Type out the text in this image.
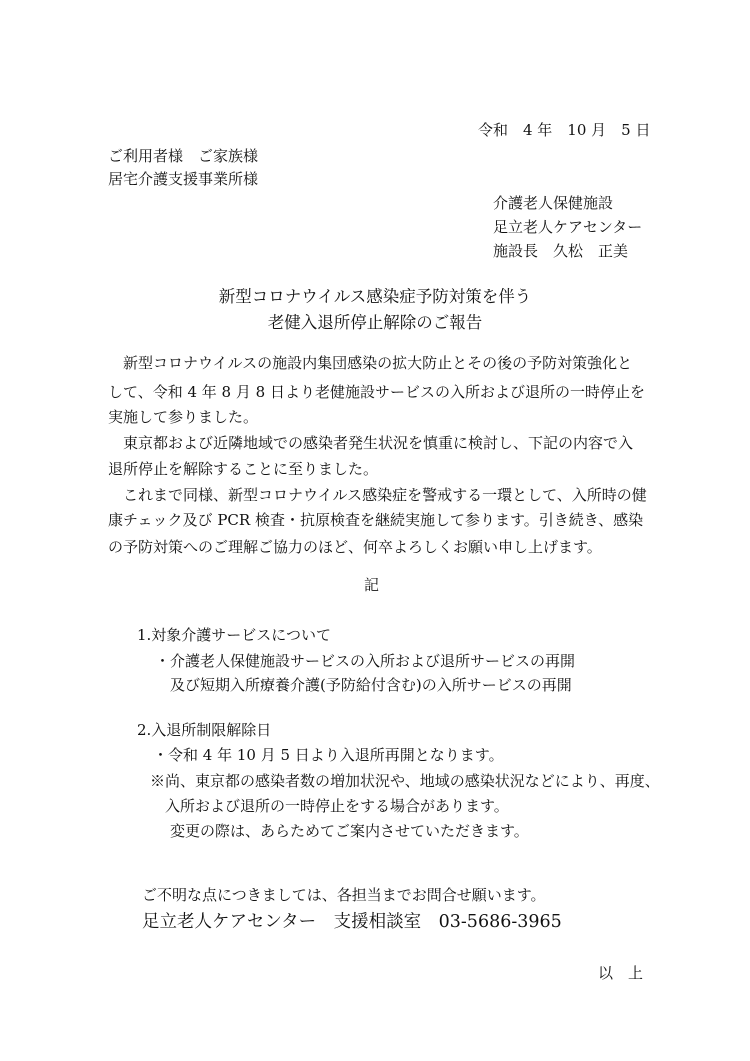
令和　4 年　10 月　5 日
ご利用者様　ご家族様
居宅介護支援事業所様
介護老人保健施設
足立老人ケアセンター
施設長　久松　正美
新型コロナウイルス感染症予防対策を伴う
老健入退所停止解除のご報告
新型コロナウイルスの施設内集団感染の拡大防止とその後の予防対策強化と
して、令和 4 年 8 月 8 日より老健施設サービスの入所および退所の一時停止を
実施して参りました。
東京都および近隣地域での感染者発生状況を慎重に検討し、下記の内容で入
退所停止を解除することに至りました。
これまで同様、新型コロナウイルス感染症を警戒する一環として、入所時の健
康チェック及び PCR 検査・抗原検査を継続実施して参ります。引き続き、感染
の予防対策へのご理解ご協力のほど、何卒よろしくお願い申し上げます。
記
1.対象介護サービスについて
・介護老人保健施設サービスの入所および退所サービスの再開
及び短期入所療養介護(予防給付含む)の入所サービスの再開
2.入退所制限解除日
・令和 4 年 10 月 5 日より入退所再開となります。
※尚、東京都の感染者数の増加状況や、地域の感染状況などにより、再度、
入所および退所の一時停止をする場合があります。
変更の際は、あらためてご案内させていただきます。
ご不明な点につきましては、各担当までお問合せ願います。
足立老人ケアセンター　支援相談室　03-5686-3965
以　上
